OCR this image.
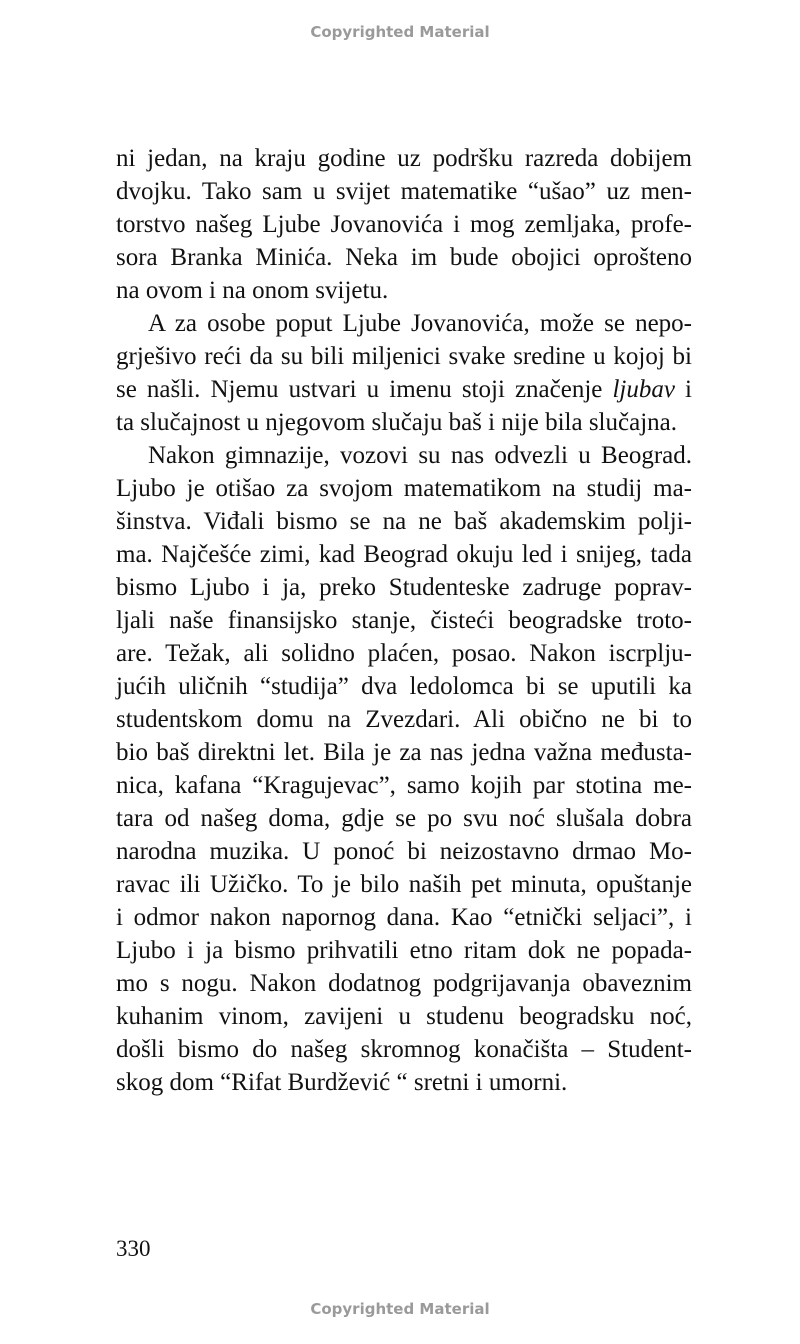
Copyrighted Material
ni jedan, na kraju godine uz podršku razreda dobijem
dvojku. Tako sam u svijet matematike “ušao” uz men-
torstvo našeg Ljube Jovanovića i mog zemljaka, profe-
sora Branka Minića. Neka im bude obojici oprošteno
na ovom i na onom svijetu.
A za osobe poput Ljube Jovanovića, može se nepo-
grješivo reći da su bili miljenici svake sredine u kojoj bi
se našli. Njemu ustvari u imenu stoji značenje ljubav i
ta slučajnost u njegovom slučaju baš i nije bila slučajna.
Nakon gimnazije, vozovi su nas odvezli u Beograd.
Ljubo je otišao za svojom matematikom na studij ma-
šinstva. Viđali bismo se na ne baš akademskim polji-
ma. Najčešće zimi, kad Beograd okuju led i snijeg, tada
bismo Ljubo i ja, preko Studenteske zadruge poprav-
ljali naše finansijsko stanje, čisteći beogradske troto-
are. Težak, ali solidno plaćen, posao. Nakon iscrplju-
jućih uličnih “studija” dva ledolomca bi se uputili ka
studentskom domu na Zvezdari. Ali obično ne bi to
bio baš direktni let. Bila je za nas jedna važna međusta-
nica, kafana “Kragujevac”, samo kojih par stotina me-
tara od našeg doma, gdje se po svu noć slušala dobra
narodna muzika. U ponoć bi neizostavno drmao Mo-
ravac ili Užičko. To je bilo naših pet minuta, opuštanje
i odmor nakon napornog dana. Kao “etnički seljaci”, i
Ljubo i ja bismo prihvatili etno ritam dok ne popada-
mo s nogu. Nakon dodatnog podgrijavanja obaveznim
kuhanim vinom, zavijeni u studenu beogradsku noć,
došli bismo do našeg skromnog konačišta – Student-
skog dom “Rifat Burdžević “ sretni i umorni.
330
Copyrighted Material
